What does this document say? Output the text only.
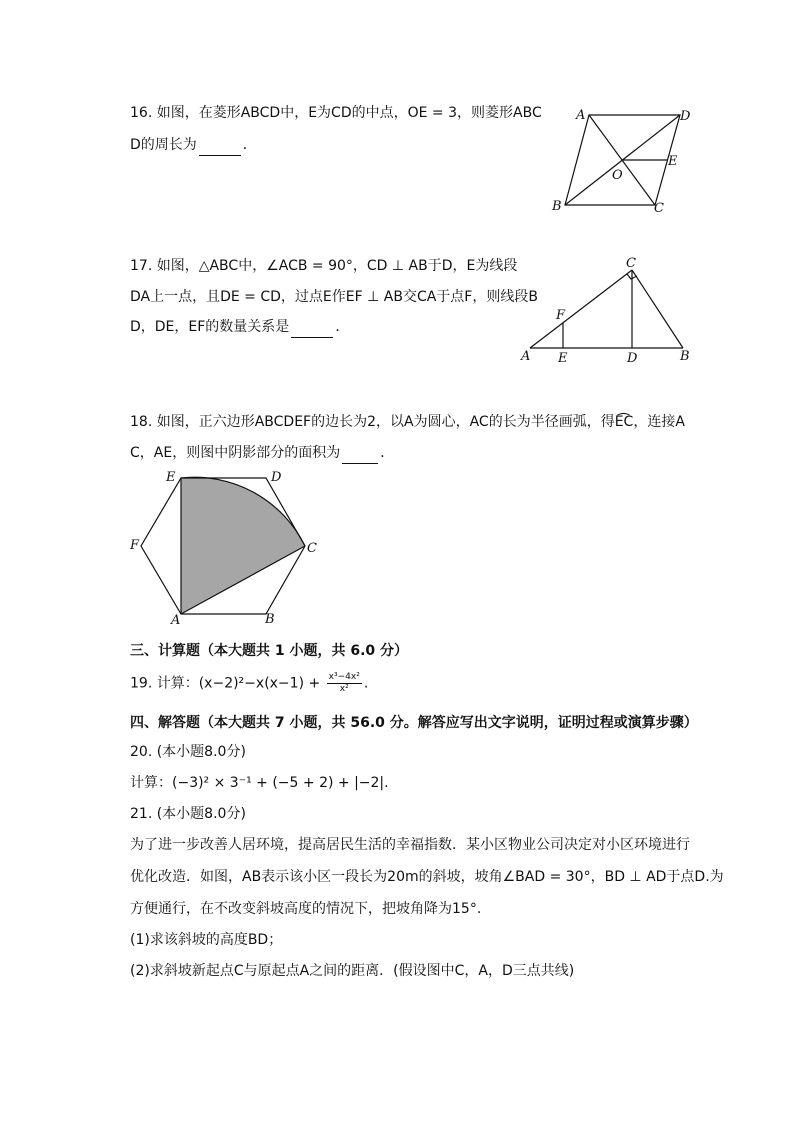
16. 如图，在菱形ABCD中，E为CD的中点，OE = 3，则菱形ABC
D的周长为	．
A	D
E
O
B	C
C
F
A E	D	B
E	D
F	C
A	B
17. 如图，△ABC中，∠ACB = 90°，CD ⊥ AB于D，E为线段
DA上一点，且DE = CD，过点E作EF ⊥ AB交CA于点F，则线段B
D，DE，EF的数量关系是	．
18. 如图，正六边形ABCDEF的边长为2，以A为圆心，AC的长为半径画弧，得E͡C，连接A
C，AE，则图中阴影部分的面积为	．
三、计算题（本大题共 1 小题，共 6.0 分）
19. 计算：$(x-2)^2-x(x-1) + \frac{\text{x³−4x²}}{\text{x²}}$ .
四、解答题（本大题共 7 小题，共 56.0 分。解答应写出文字说明，证明过程或演算步骤）
20. (本小题8.0分)
计算：(−3)² × 3⁻¹ + (−5 + 2) + |−2|.
21. (本小题8.0分)
为了进一步改善人居环境，提高居民生活的幸福指数．某小区物业公司决定对小区环境进行
优化改造．如图，AB表示该小区一段长为20m的斜坡，坡角∠BAD = 30°，BD ⊥ AD于点D.为
方便通行，在不改变斜坡高度的情况下，把坡角降为15°.
(1)求该斜坡的高度BD；
(2)求斜坡新起点C与原起点A之间的距离．(假设图中C，A，D三点共线)
